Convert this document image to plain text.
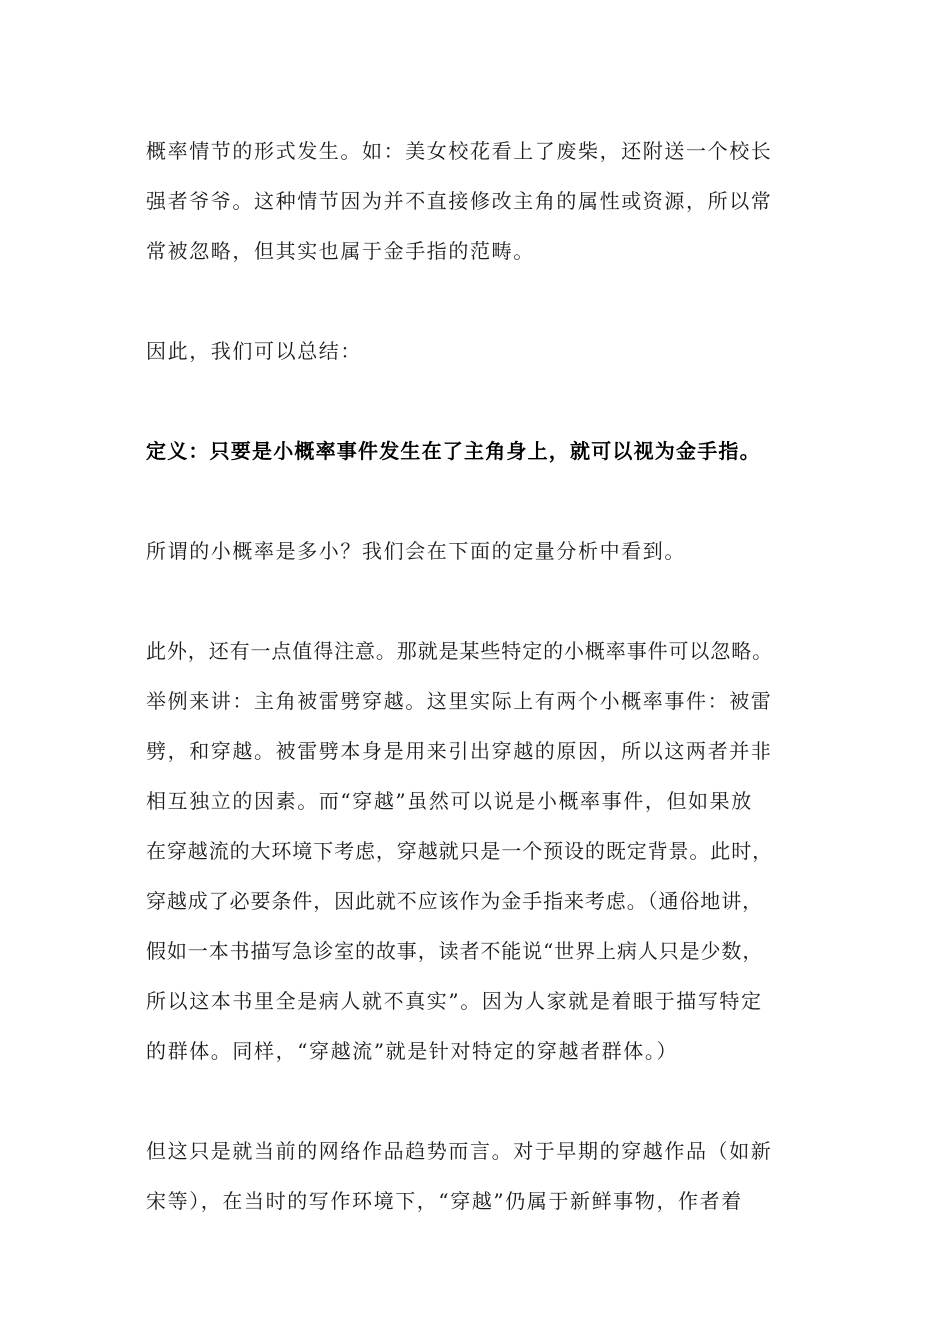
概率情节的形式发生。如：美女校花看上了废柴，还附送一个校长
强者爷爷。这种情节因为并不直接修改主角的属性或资源，所以常
常被忽略，但其实也属于金手指的范畴。
因此，我们可以总结：
定义：只要是小概率事件发生在了主角身上，就可以视为金手指。
所谓的小概率是多小？我们会在下面的定量分析中看到。
此外，还有一点值得注意。那就是某些特定的小概率事件可以忽略。
举例来讲：主角被雷劈穿越。这里实际上有两个小概率事件：被雷
劈，和穿越。被雷劈本身是用来引出穿越的原因，所以这两者并非
相互独立的因素。而“穿越”虽然可以说是小概率事件，但如果放
在穿越流的大环境下考虑，穿越就只是一个预设的既定背景。此时，
穿越成了必要条件，因此就不应该作为金手指来考虑。（通俗地讲，
假如一本书描写急诊室的故事，读者不能说“世界上病人只是少数，
所以这本书里全是病人就不真实”。因为人家就是着眼于描写特定
的群体。同样，“穿越流”就是针对特定的穿越者群体。）
但这只是就当前的网络作品趋势而言。对于早期的穿越作品（如新
宋等），在当时的写作环境下，“穿越”仍属于新鲜事物，作者着
